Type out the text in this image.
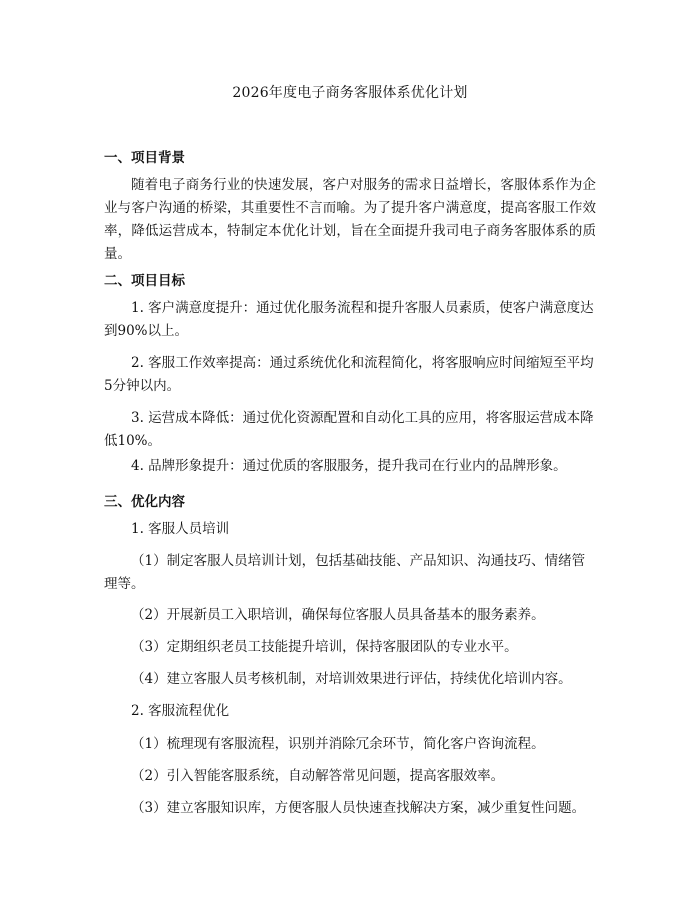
2026年度电子商务客服体系优化计划
一、项目背景
随着电子商务行业的快速发展，客户对服务的需求日益增长，客服体系作为企业与客户沟通的桥梁，其重要性不言而喻。为了提升客户满意度，提高客服工作效率，降低运营成本，特制定本优化计划，旨在全面提升我司电子商务客服体系的质量。
二、项目目标
1. 客户满意度提升：通过优化服务流程和提升客服人员素质，使客户满意度达到90%以上。
2. 客服工作效率提高：通过系统优化和流程简化，将客服响应时间缩短至平均5分钟以内。
3. 运营成本降低：通过优化资源配置和自动化工具的应用，将客服运营成本降低10%。
4. 品牌形象提升：通过优质的客服服务，提升我司在行业内的品牌形象。
三、优化内容
1. 客服人员培训
（1）制定客服人员培训计划，包括基础技能、产品知识、沟通技巧、情绪管理等。
（2）开展新员工入职培训，确保每位客服人员具备基本的服务素养。
（3）定期组织老员工技能提升培训，保持客服团队的专业水平。
（4）建立客服人员考核机制，对培训效果进行评估，持续优化培训内容。
2. 客服流程优化
（1）梳理现有客服流程，识别并消除冗余环节，简化客户咨询流程。
（2）引入智能客服系统，自动解答常见问题，提高客服效率。
（3）建立客服知识库，方便客服人员快速查找解决方案，减少重复性问题。
